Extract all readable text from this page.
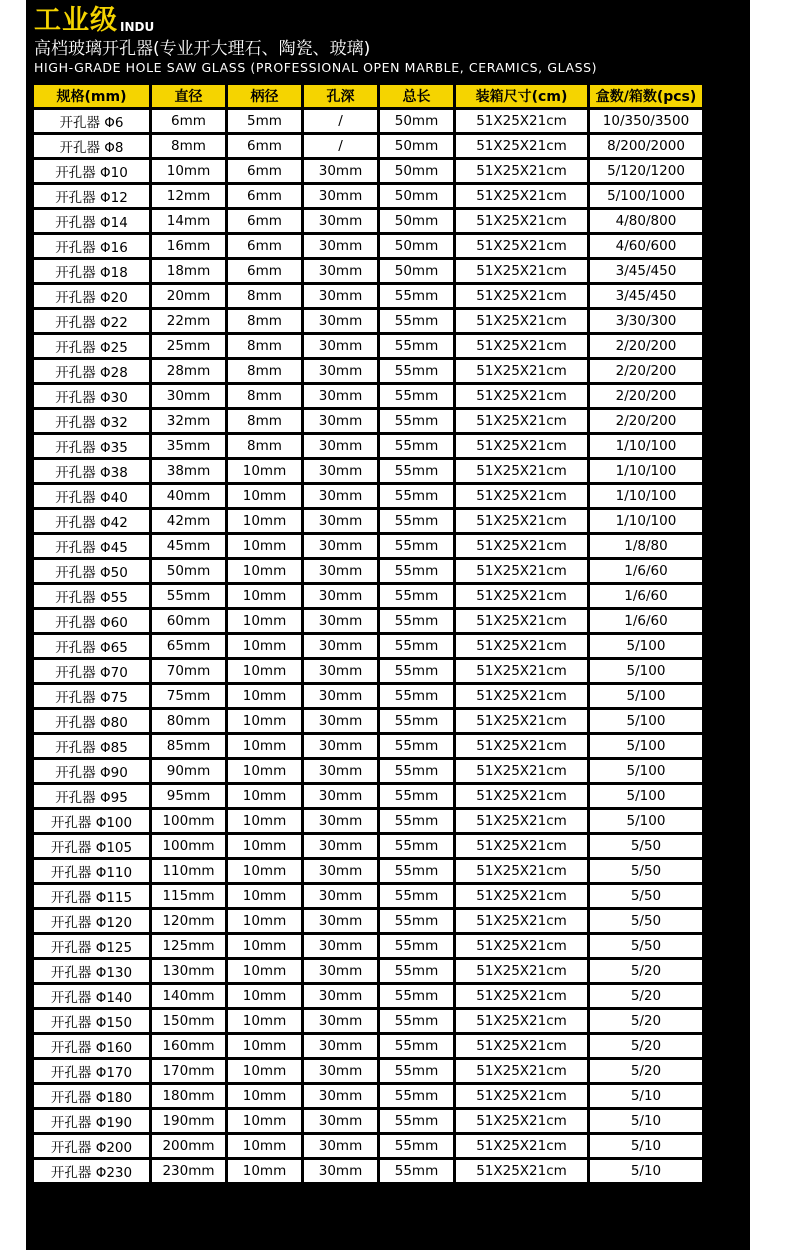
工业级 INDU
高档玻璃开孔器(专业开大理石、陶瓷、玻璃)
HIGH-GRADE HOLE SAW GLASS (PROFESSIONAL OPEN MARBLE, CERAMICS, GLASS)
规格(mm)	直径	柄径	孔深	总长	装箱尺寸(cm)	盒数/箱数(pcs)
开孔器 Φ6	6mm	5mm	/	50mm	51X25X21cm	10/350/3500
开孔器 Φ8	8mm	6mm	/	50mm	51X25X21cm	8/200/2000
开孔器 Φ10	10mm	6mm	30mm	50mm	51X25X21cm	5/120/1200
开孔器 Φ12	12mm	6mm	30mm	50mm	51X25X21cm	5/100/1000
开孔器 Φ14	14mm	6mm	30mm	50mm	51X25X21cm	4/80/800
开孔器 Φ16	16mm	6mm	30mm	50mm	51X25X21cm	4/60/600
开孔器 Φ18	18mm	6mm	30mm	50mm	51X25X21cm	3/45/450
开孔器 Φ20	20mm	8mm	30mm	55mm	51X25X21cm	3/45/450
开孔器 Φ22	22mm	8mm	30mm	55mm	51X25X21cm	3/30/300
开孔器 Φ25	25mm	8mm	30mm	55mm	51X25X21cm	2/20/200
开孔器 Φ28	28mm	8mm	30mm	55mm	51X25X21cm	2/20/200
开孔器 Φ30	30mm	8mm	30mm	55mm	51X25X21cm	2/20/200
开孔器 Φ32	32mm	8mm	30mm	55mm	51X25X21cm	2/20/200
开孔器 Φ35	35mm	8mm	30mm	55mm	51X25X21cm	1/10/100
开孔器 Φ38	38mm	10mm	30mm	55mm	51X25X21cm	1/10/100
开孔器 Φ40	40mm	10mm	30mm	55mm	51X25X21cm	1/10/100
开孔器 Φ42	42mm	10mm	30mm	55mm	51X25X21cm	1/10/100
开孔器 Φ45	45mm	10mm	30mm	55mm	51X25X21cm	1/8/80
开孔器 Φ50	50mm	10mm	30mm	55mm	51X25X21cm	1/6/60
开孔器 Φ55	55mm	10mm	30mm	55mm	51X25X21cm	1/6/60
开孔器 Φ60	60mm	10mm	30mm	55mm	51X25X21cm	1/6/60
开孔器 Φ65	65mm	10mm	30mm	55mm	51X25X21cm	5/100
开孔器 Φ70	70mm	10mm	30mm	55mm	51X25X21cm	5/100
开孔器 Φ75	75mm	10mm	30mm	55mm	51X25X21cm	5/100
开孔器 Φ80	80mm	10mm	30mm	55mm	51X25X21cm	5/100
开孔器 Φ85	85mm	10mm	30mm	55mm	51X25X21cm	5/100
开孔器 Φ90	90mm	10mm	30mm	55mm	51X25X21cm	5/100
开孔器 Φ95	95mm	10mm	30mm	55mm	51X25X21cm	5/100
开孔器 Φ100	100mm	10mm	30mm	55mm	51X25X21cm	5/100
开孔器 Φ105	100mm	10mm	30mm	55mm	51X25X21cm	5/50
开孔器 Φ110	110mm	10mm	30mm	55mm	51X25X21cm	5/50
开孔器 Φ115	115mm	10mm	30mm	55mm	51X25X21cm	5/50
开孔器 Φ120	120mm	10mm	30mm	55mm	51X25X21cm	5/50
开孔器 Φ125	125mm	10mm	30mm	55mm	51X25X21cm	5/50
开孔器 Φ130	130mm	10mm	30mm	55mm	51X25X21cm	5/20
开孔器 Φ140	140mm	10mm	30mm	55mm	51X25X21cm	5/20
开孔器 Φ150	150mm	10mm	30mm	55mm	51X25X21cm	5/20
开孔器 Φ160	160mm	10mm	30mm	55mm	51X25X21cm	5/20
开孔器 Φ170	170mm	10mm	30mm	55mm	51X25X21cm	5/20
开孔器 Φ180	180mm	10mm	30mm	55mm	51X25X21cm	5/10
开孔器 Φ190	190mm	10mm	30mm	55mm	51X25X21cm	5/10
开孔器 Φ200	200mm	10mm	30mm	55mm	51X25X21cm	5/10
开孔器 Φ230	230mm	10mm	30mm	55mm	51X25X21cm	5/10
